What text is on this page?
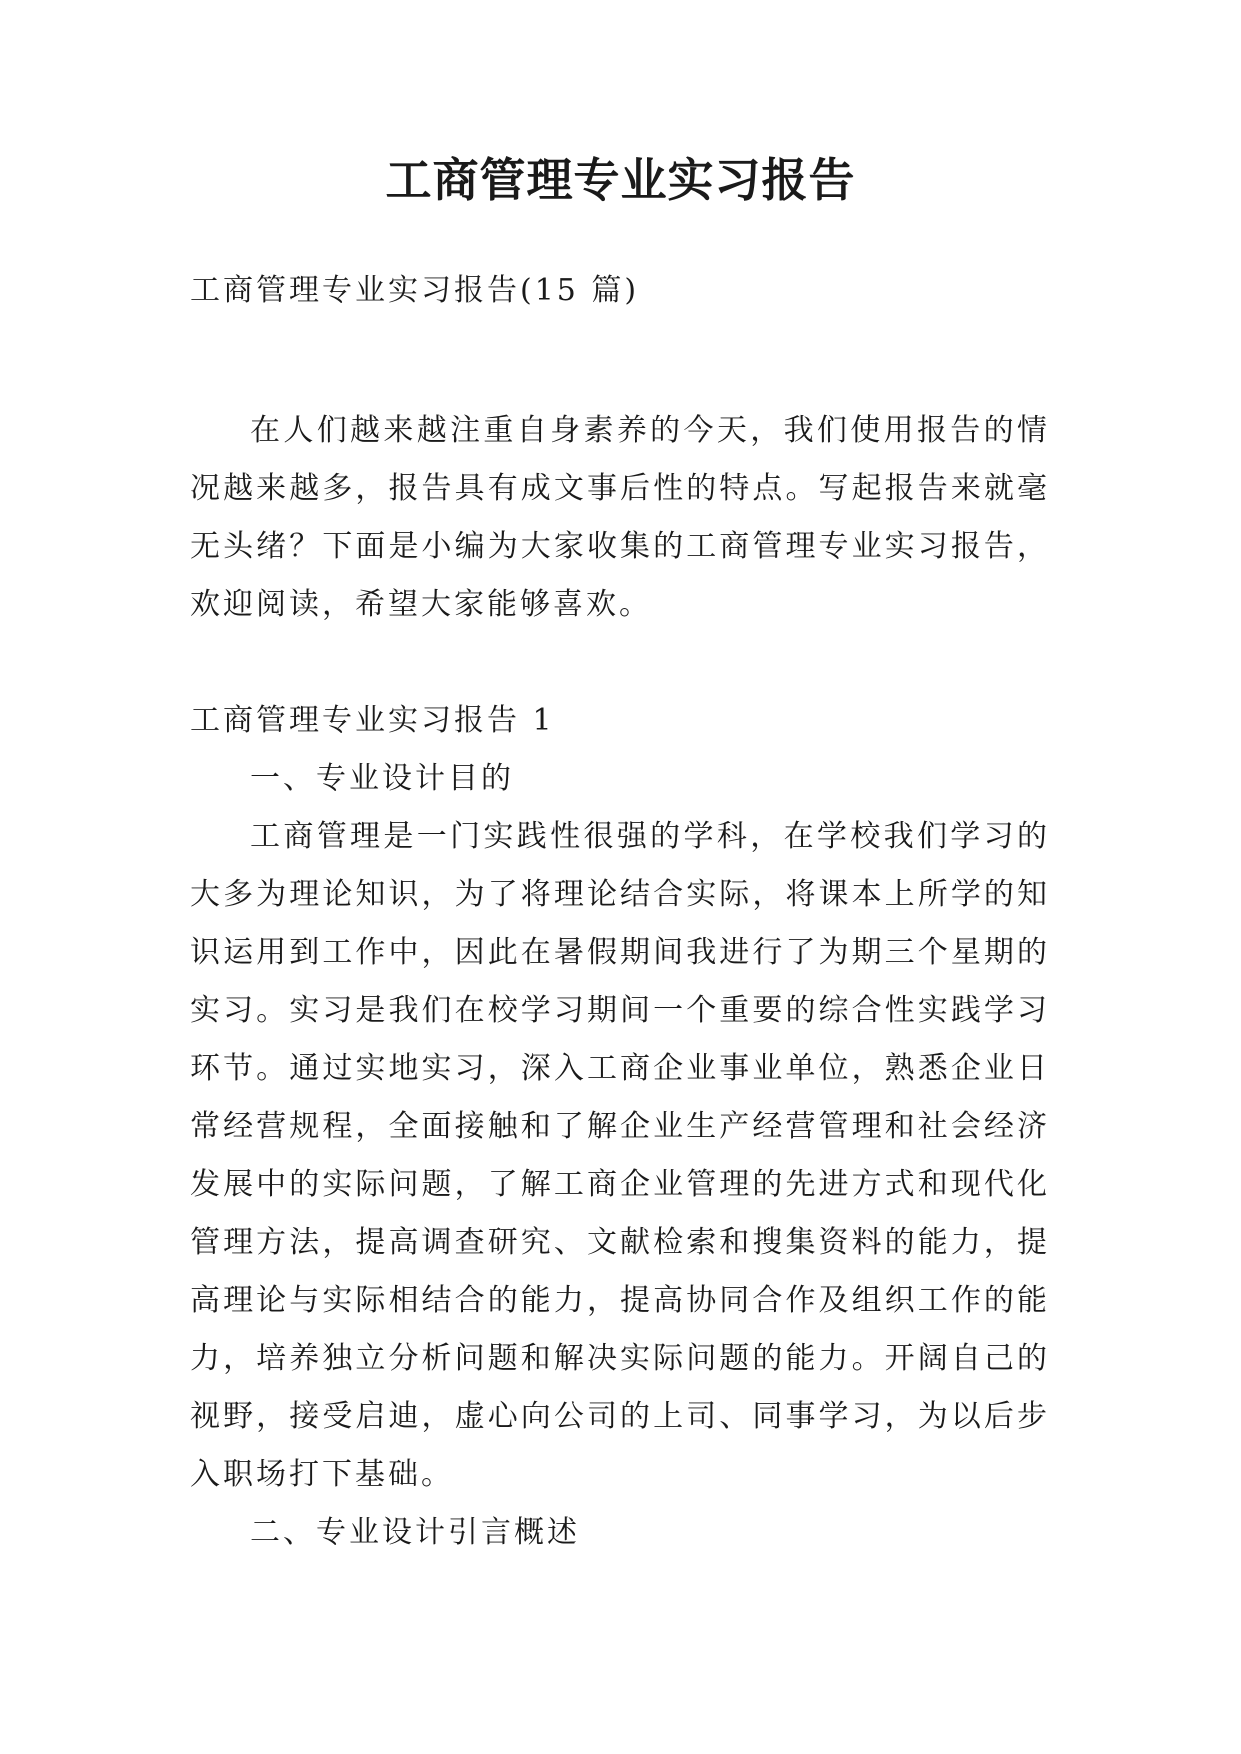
工商管理专业实习报告
工商管理专业实习报告(15 篇)

在人们越来越注重自身素养的今天，我们使用报告的情况越来越多，报告具有成文事后性的特点。写起报告来就毫无头绪？下面是小编为大家收集的工商管理专业实习报告，欢迎阅读，希望大家能够喜欢。

工商管理专业实习报告 1

一、专业设计目的

工商管理是一门实践性很强的学科，在学校我们学习的大多为理论知识，为了将理论结合实际，将课本上所学的知识运用到工作中，因此在暑假期间我进行了为期三个星期的实习。实习是我们在校学习期间一个重要的综合性实践学习环节。通过实地实习，深入工商企业事业单位，熟悉企业日常经营规程，全面接触和了解企业生产经营管理和社会经济发展中的实际问题，了解工商企业管理的先进方式和现代化管理方法，提高调查研究、文献检索和搜集资料的能力，提高理论与实际相结合的能力，提高协同合作及组织工作的能力，培养独立分析问题和解决实际问题的能力。开阔自己的视野，接受启迪，虚心向公司的上司、同事学习，为以后步入职场打下基础。

二、专业设计引言概述
